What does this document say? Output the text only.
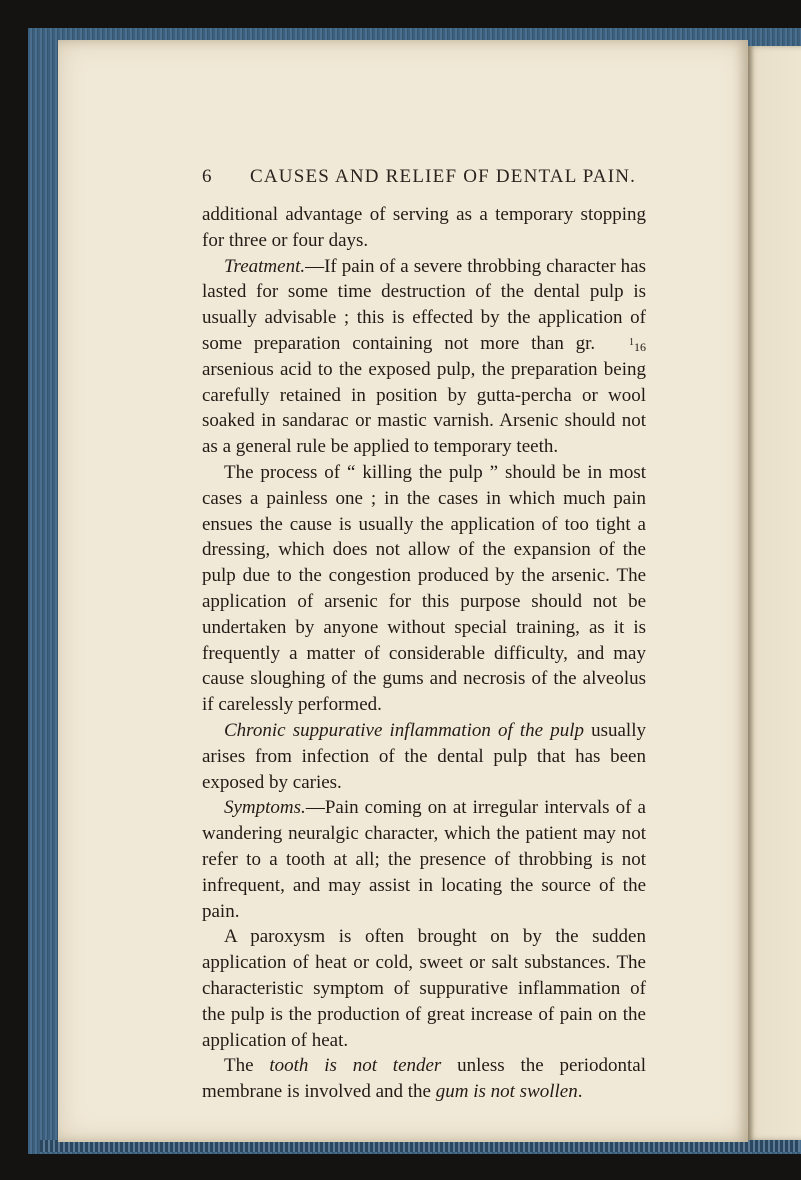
6 CAUSES AND RELIEF OF DENTAL PAIN.

additional advantage of serving as a temporary stopping for three or four days.

Treatment.—If pain of a severe throbbing character has lasted for some time destruction of the dental pulp is usually advisable ; this is effected by the application of some preparation containing not more than gr. $^1$16 arsenious acid to the exposed pulp, the preparation being carefully retained in position by gutta-percha or wool soaked in sandarac or mastic varnish. Arsenic should not as a general rule be applied to temporary teeth.

The process of “ killing the pulp ” should be in most cases a painless one ; in the cases in which much pain ensues the cause is usually the application of too tight a dressing, which does not allow of the expansion of the pulp due to the congestion produced by the arsenic. The application of arsenic for this purpose should not be undertaken by anyone without special training, as it is frequently a matter of considerable difficulty, and may cause sloughing of the gums and necrosis of the alveolus if carelessly performed.

Chronic suppurative inflammation of the pulp usually arises from infection of the dental pulp that has been exposed by caries.

Symptoms.—Pain coming on at irregular intervals of a wandering neuralgic character, which the patient may not refer to a tooth at all; the presence of throbbing is not infrequent, and may assist in locating the source of the pain.

A paroxysm is often brought on by the sudden application of heat or cold, sweet or salt substances. The characteristic symptom of suppurative inflammation of the pulp is the production of great increase of pain on the application of heat.

The tooth is not tender unless the periodontal membrane is involved and the gum is not swollen.
